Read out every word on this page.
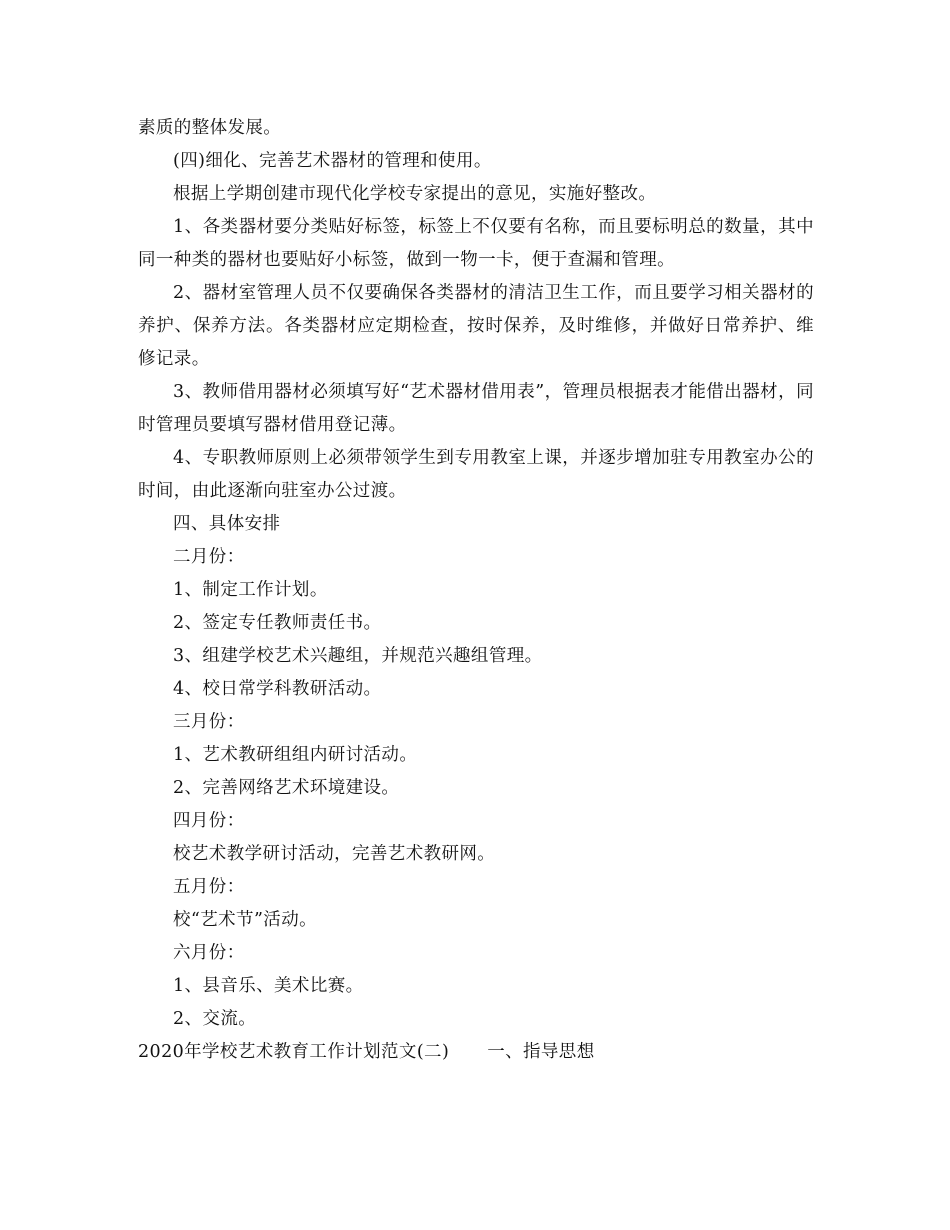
素质的整体发展。

(四)细化、完善艺术器材的管理和使用。

根据上学期创建市现代化学校专家提出的意见，实施好整改。

1、各类器材要分类贴好标签，标签上不仅要有名称，而且要标明总的数量，其中同一种类的器材也要贴好小标签，做到一物一卡，便于查漏和管理。

2、器材室管理人员不仅要确保各类器材的清洁卫生工作，而且要学习相关器材的养护、保养方法。各类器材应定期检查，按时保养，及时维修，并做好日常养护、维修记录。

3、教师借用器材必须填写好“艺术器材借用表”，管理员根据表才能借出器材，同时管理员要填写器材借用登记薄。

4、专职教师原则上必须带领学生到专用教室上课，并逐步增加驻专用教室办公的时间，由此逐渐向驻室办公过渡。

四、具体安排

二月份：

1、制定工作计划。

2、签定专任教师责任书。

3、组建学校艺术兴趣组，并规范兴趣组管理。

4、校日常学科教研活动。

三月份：

1、艺术教研组组内研讨活动。

2、完善网络艺术环境建设。

四月份：

校艺术教学研讨活动，完善艺术教研网。

五月份：

校“艺术节”活动。

六月份：

1、县音乐、美术比赛。

2、交流。

2020年学校艺术教育工作计划范文(二) 一、指导思想
